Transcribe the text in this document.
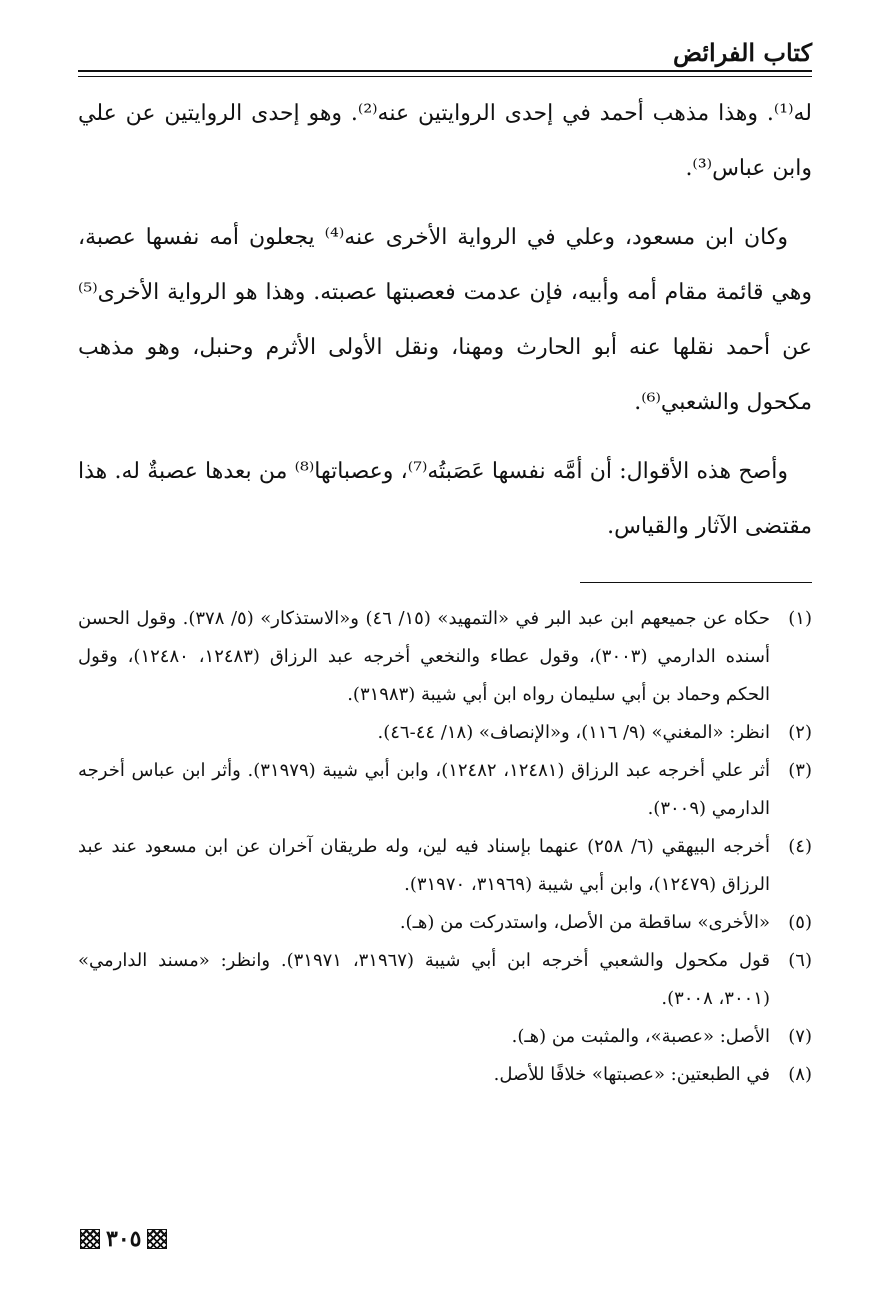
كتاب الفرائض

له⁽¹⁾. وهذا مذهب أحمد في إحدى الروايتين عنه⁽²⁾. وهو إحدى الروايتين عن علي وابن عباس⁽³⁾.

وكان ابن مسعود، وعلي في الرواية الأخرى عنه⁽⁴⁾ يجعلون أمه نفسها عصبة، وهي قائمة مقام أمه وأبيه، فإن عدمت فعصبتها عصبته. وهذا هو الرواية الأخرى⁽⁵⁾ عن أحمد نقلها عنه أبو الحارث ومهنا، ونقل الأولى الأثرم وحنبل، وهو مذهب مكحول والشعبي⁽⁶⁾.

وأصح هذه الأقوال: أن أمَّه نفسها عَصَبتُه⁽⁷⁾، وعصباتها⁽⁸⁾ من بعدها عصبةٌ له. هذا مقتضى الآثار والقياس.

(١)
حكاه عن جميعهم ابن عبد البر في «التمهيد» (١٥/ ٤٦) و«الاستذكار» (٥/ ٣٧٨). وقول الحسن أسنده الدارمي (٣٠٠٣)، وقول عطاء والنخعي أخرجه عبد الرزاق (١٢٤٨٣، ١٢٤٨٠)، وقول الحكم وحماد بن أبي سليمان رواه ابن أبي شيبة (٣١٩٨٣).
(٢)
انظر: «المغني» (٩/ ١١٦)، و«الإنصاف» (١٨/ ٤٤-٤٦).
(٣)
أثر علي أخرجه عبد الرزاق (١٢٤٨١، ١٢٤٨٢)، وابن أبي شيبة (٣١٩٧٩). وأثر ابن عباس أخرجه الدارمي (٣٠٠٩).
(٤)
أخرجه البيهقي (٦/ ٢٥٨) عنهما بإسناد فيه لين، وله طريقان آخران عن ابن مسعود عند عبد الرزاق (١٢٤٧٩)، وابن أبي شيبة (٣١٩٦٩، ٣١٩٧٠).
(٥)
«الأخرى» ساقطة من الأصل، واستدركت من (هـ).
(٦)
قول مكحول والشعبي أخرجه ابن أبي شيبة (٣١٩٦٧، ٣١٩٧١). وانظر: «مسند الدارمي» (٣٠٠١، ٣٠٠٨).
(٧)
الأصل: «عصبة»، والمثبت من (هـ).
(٨)
في الطبعتين: «عصبتها» خلافًا للأصل.
٣٠٥
